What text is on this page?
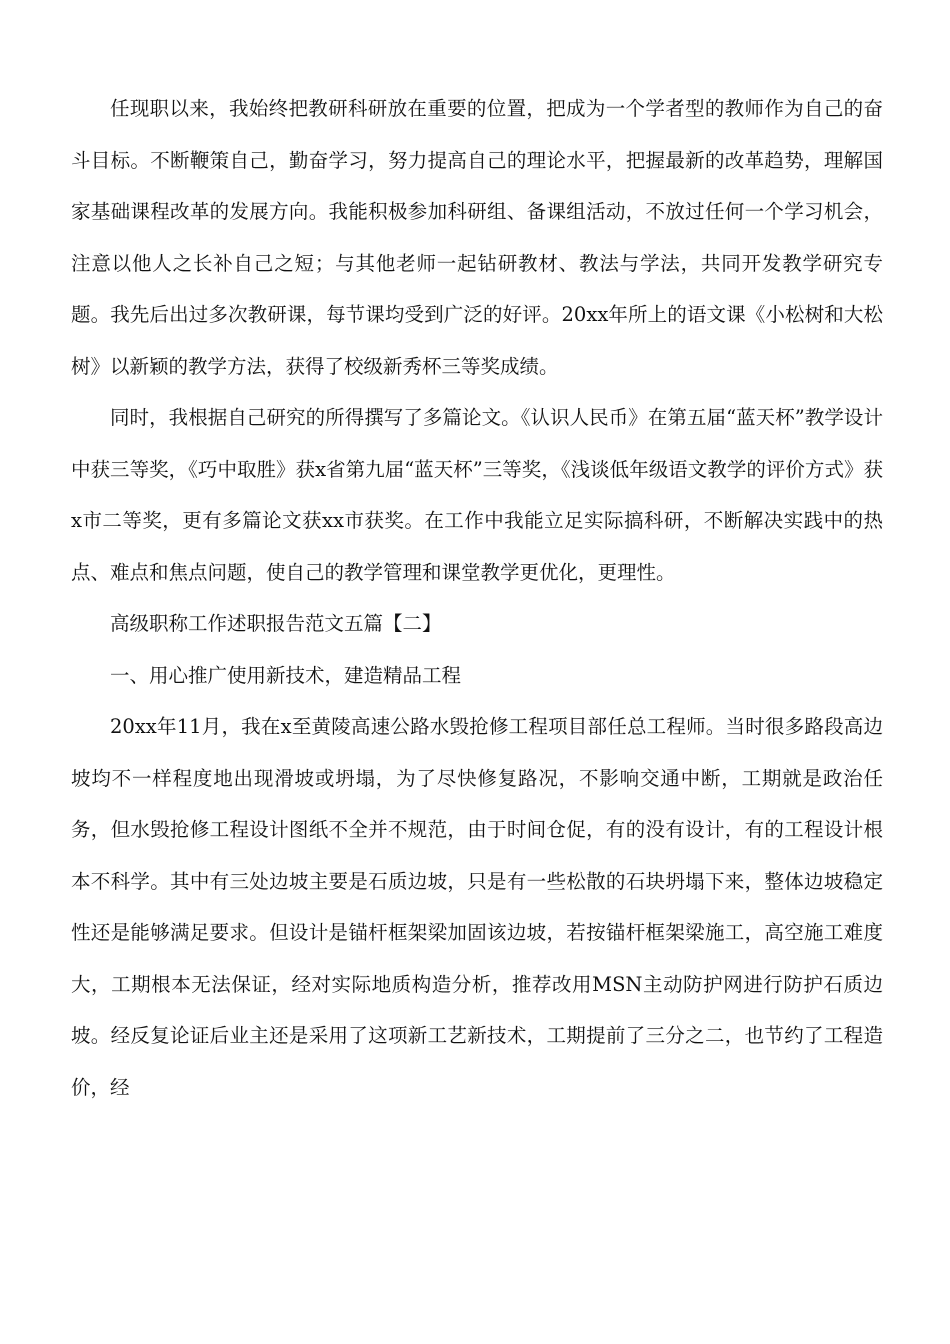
任现职以来，我始终把教研科研放在重要的位置，把成为一个学者型的教师作为自己的奋斗目标。不断鞭策自己，勤奋学习，努力提高自己的理论水平，把握最新的改革趋势，理解国家基础课程改革的发展方向。我能积极参加科研组、备课组活动，不放过任何一个学习机会，注意以他人之长补自己之短；与其他老师一起钻研教材、教法与学法，共同开发教学研究专题。我先后出过多次教研课，每节课均受到广泛的好评。20xx年所上的语文课《小松树和大松树》以新颖的教学方法，获得了校级新秀杯三等奖成绩。

同时，我根据自己研究的所得撰写了多篇论文。《认识人民币》在第五届“蓝天杯”教学设计中获三等奖，《巧中取胜》获x省第九届“蓝天杯”三等奖，《浅谈低年级语文教学的评价方式》获x市二等奖，更有多篇论文获xx市获奖。在工作中我能立足实际搞科研，不断解决实践中的热点、难点和焦点问题，使自己的教学管理和课堂教学更优化，更理性。

高级职称工作述职报告范文五篇【二】

一、用心推广使用新技术，建造精品工程

20xx年11月，我在x至黄陵高速公路水毁抢修工程项目部任总工程师。当时很多路段高边坡均不一样程度地出现滑坡或坍塌，为了尽快修复路况，不影响交通中断，工期就是政治任务，但水毁抢修工程设计图纸不全并不规范，由于时间仓促，有的没有设计，有的工程设计根本不科学。其中有三处边坡主要是石质边坡，只是有一些松散的石块坍塌下来，整体边坡稳定性还是能够满足要求。但设计是锚杆框架梁加固该边坡，若按锚杆框架梁施工，高空施工难度大，工期根本无法保证，经对实际地质构造分析，推荐改用MSN主动防护网进行防护石质边坡。经反复论证后业主还是采用了这项新工艺新技术，工期提前了三分之二，也节约了工程造价，经
